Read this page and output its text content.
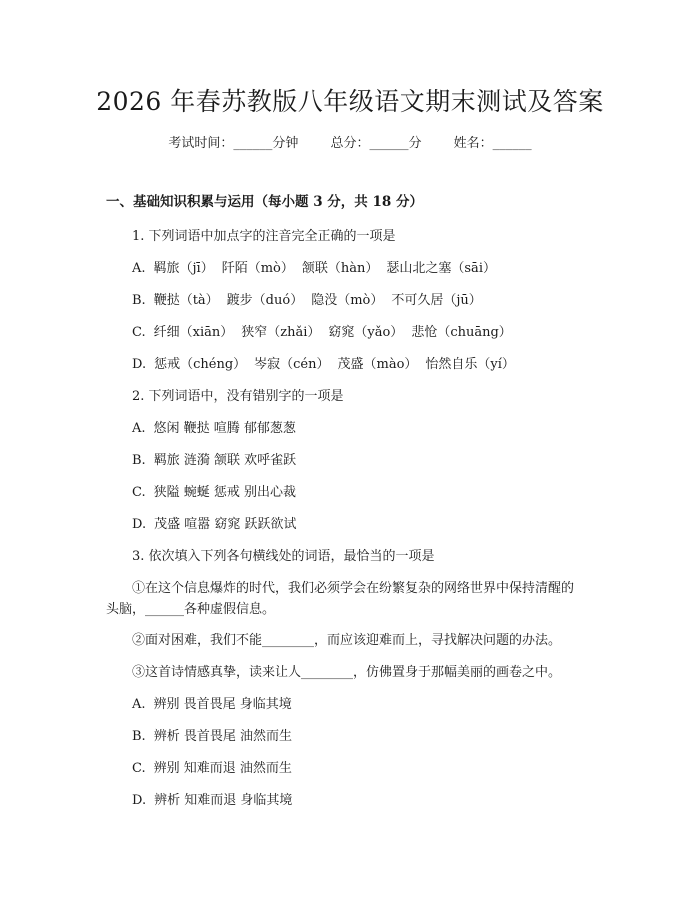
2026 年春苏教版八年级语文期末测试及答案
考试时间：______分钟 总分：______分 姓名：______
一、基础知识积累与运用（每小题 3 分，共 18 分）
1. 下列词语中加点字的注音完全正确的一项是
A. 羁旅（jī） 阡陌（mò） 颔联（hàn） 瑟山北之塞（sāi）
B. 鞭挞（tà） 踱步（duó） 隐没（mò） 不可久居（jū）
C. 纤细（xiān） 狭窄（zhǎi） 窈窕（yǎo） 悲怆（chuāng）
D. 惩戒（chéng） 岑寂（cén） 茂盛（mào） 怡然自乐（yí）
2. 下列词语中，没有错别字的一项是
A. 悠闲 鞭挞 喧腾 郁郁葱葱
B. 羁旅 涟漪 颔联 欢呼雀跃
C. 狭隘 蜿蜒 惩戒 别出心裁
D. 茂盛 喧嚣 窈窕 跃跃欲试
3. 依次填入下列各句横线处的词语，最恰当的一项是
①在这个信息爆炸的时代，我们必须学会在纷繁复杂的网络世界中保持清醒的
头脑，______各种虚假信息。
②面对困难，我们不能________，而应该迎难而上，寻找解决问题的办法。
③这首诗情感真挚，读来让人________，仿佛置身于那幅美丽的画卷之中。
A. 辨别 畏首畏尾 身临其境
B. 辨析 畏首畏尾 油然而生
C. 辨别 知难而退 油然而生
D. 辨析 知难而退 身临其境
